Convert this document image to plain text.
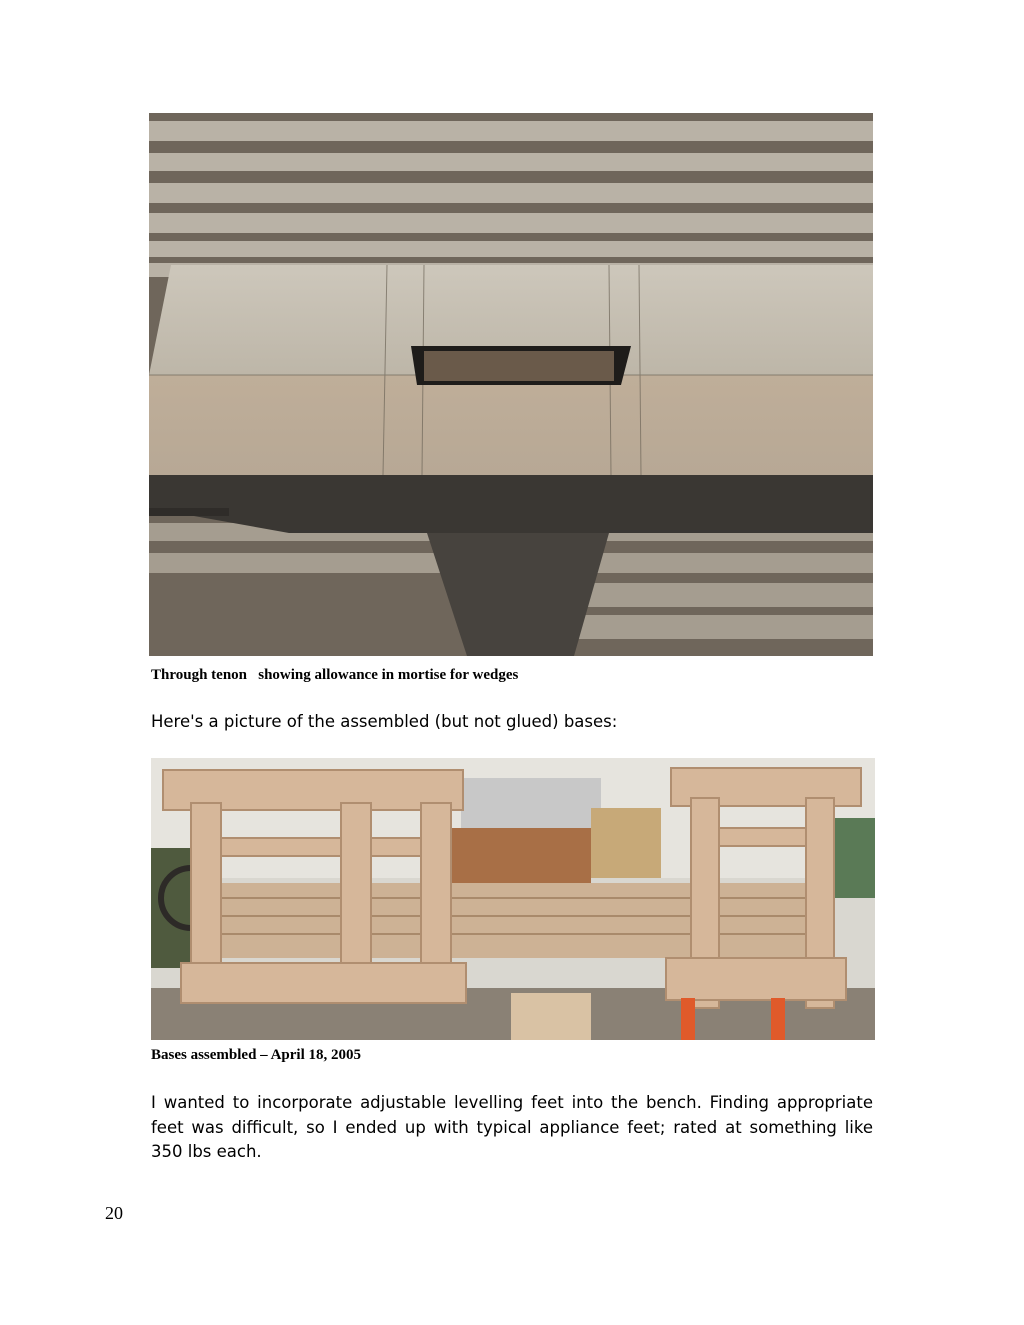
Through tenon   showing allowance in mortise for wedges
Here's a picture of the assembled (but not glued) bases:
Bases assembled – April 18, 2005
I wanted to incorporate adjustable levelling feet into the bench. Finding appropriate feet was difficult, so I ended up with typical appliance feet; rated at something like 350 lbs each.
20
